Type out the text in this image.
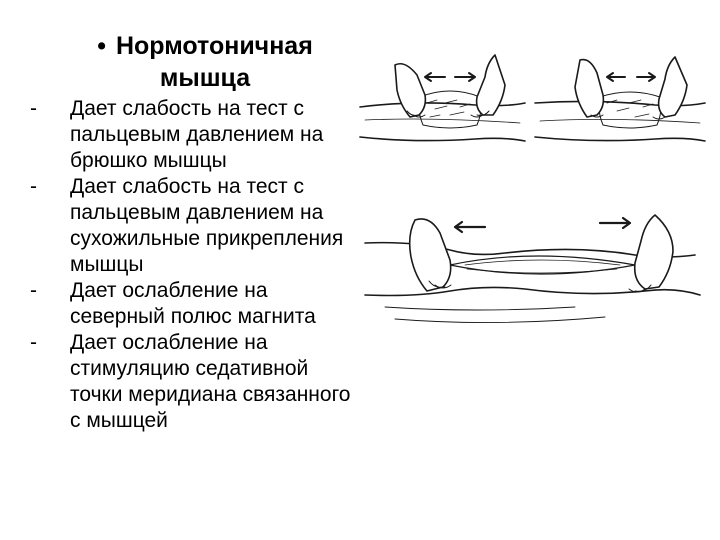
• Нормотоничная
мышца
- Дает слабость на тест с пальцевым давлением на брюшко мышцы
- Дает слабость на тест с пальцевым давлением на сухожильные прикрепления мышцы
- Дает ослабление на северный полюс магнита
- Дает ослабление на стимуляцию седативной точки меридиана связанного с мышцей
